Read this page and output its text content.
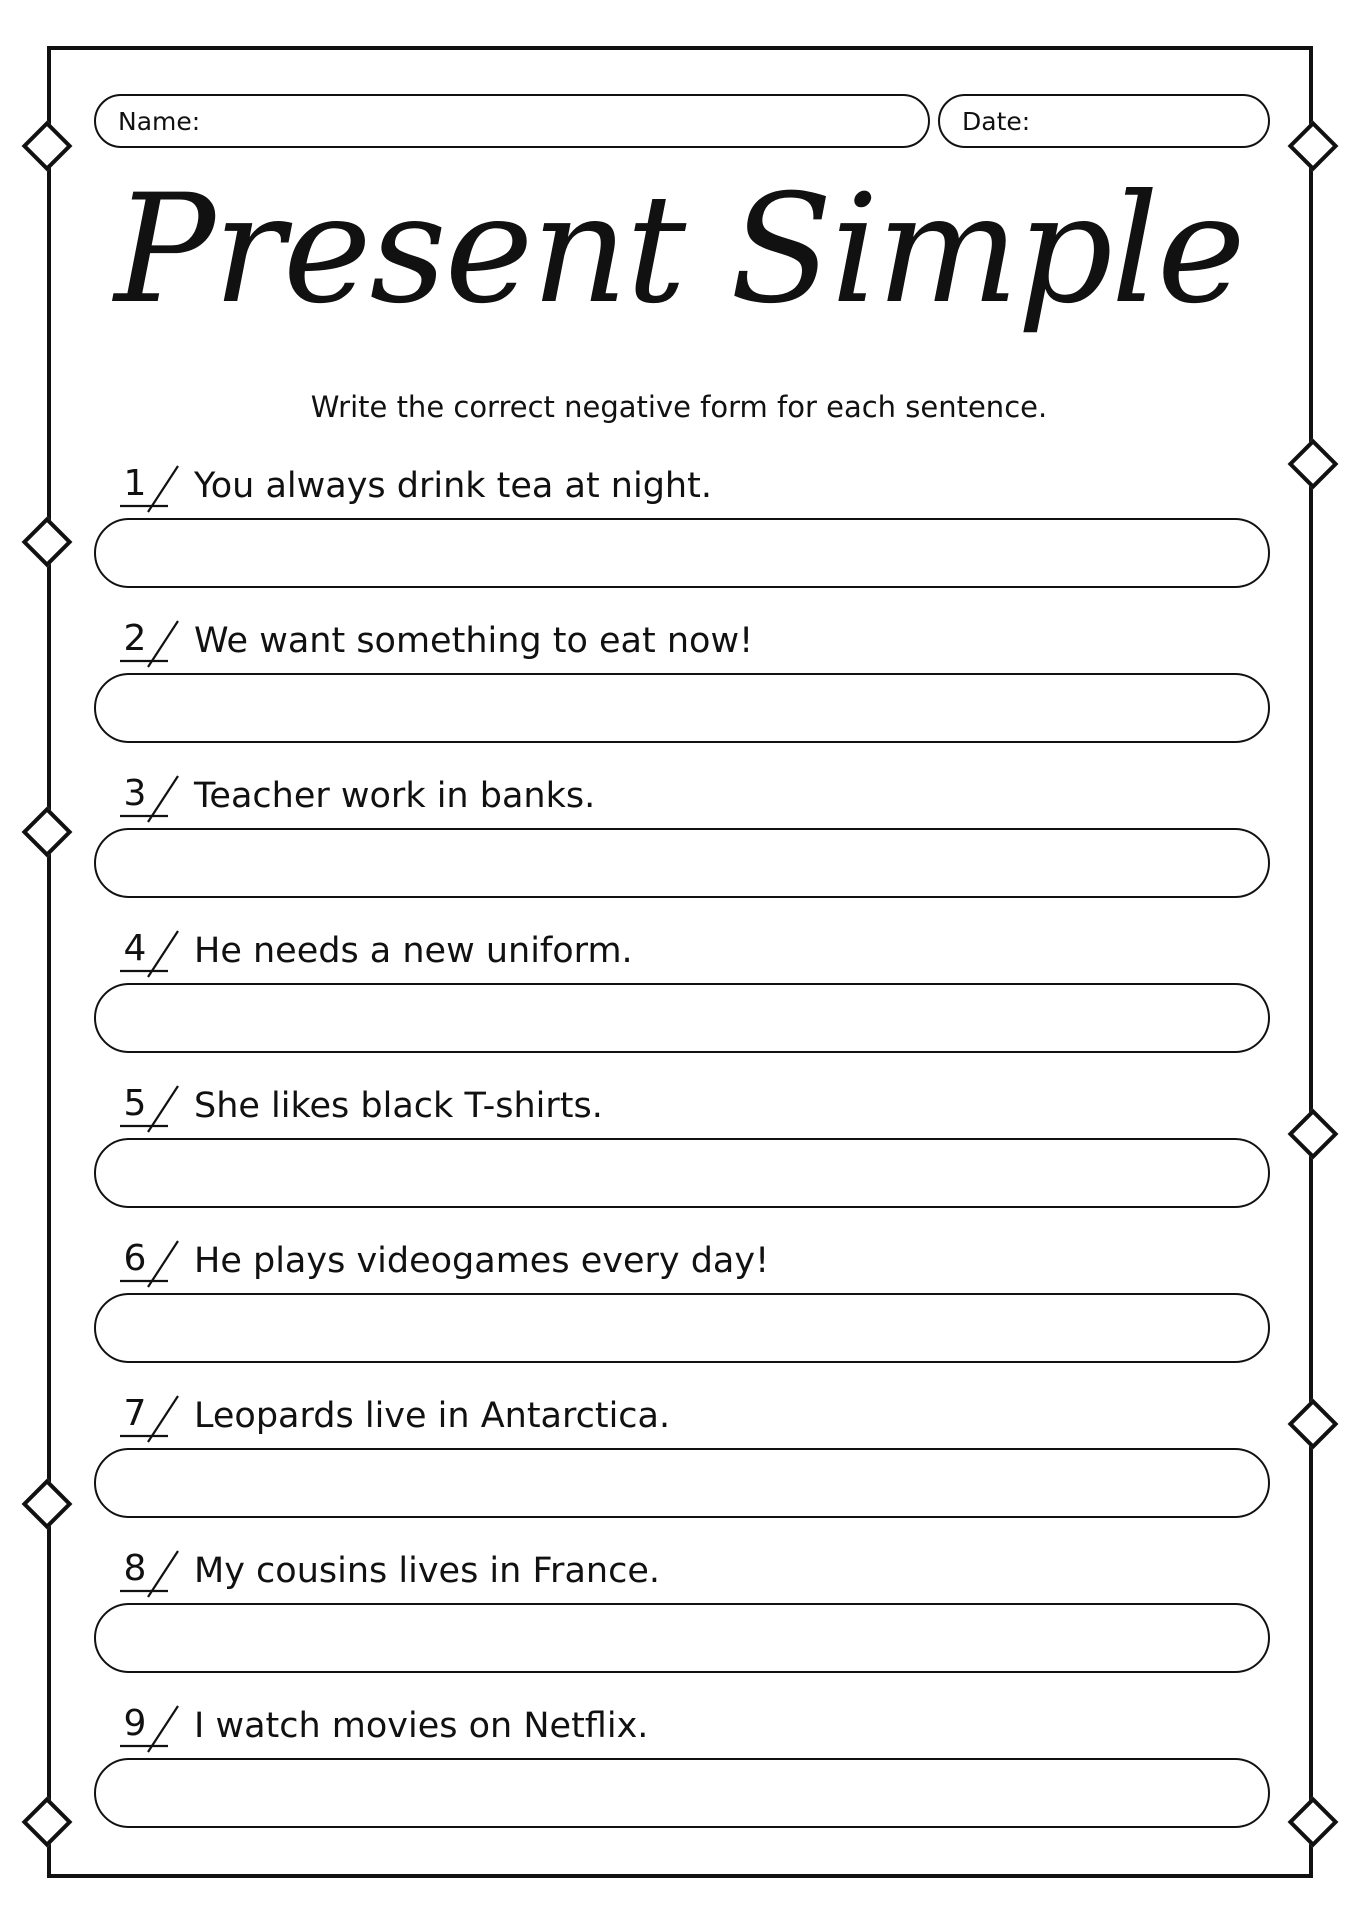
Name:	Date:
Present Simple
Write the correct negative form for each sentence.
1 You always drink tea at night.
2 We want something to eat now!
3 Teacher work in banks.
4 He needs a new uniform.
5 She likes black T-shirts.
6 He plays videogames every day!
7 Leopards live in Antarctica.
8 My cousins lives in France.
9 I watch movies on Netflix.
